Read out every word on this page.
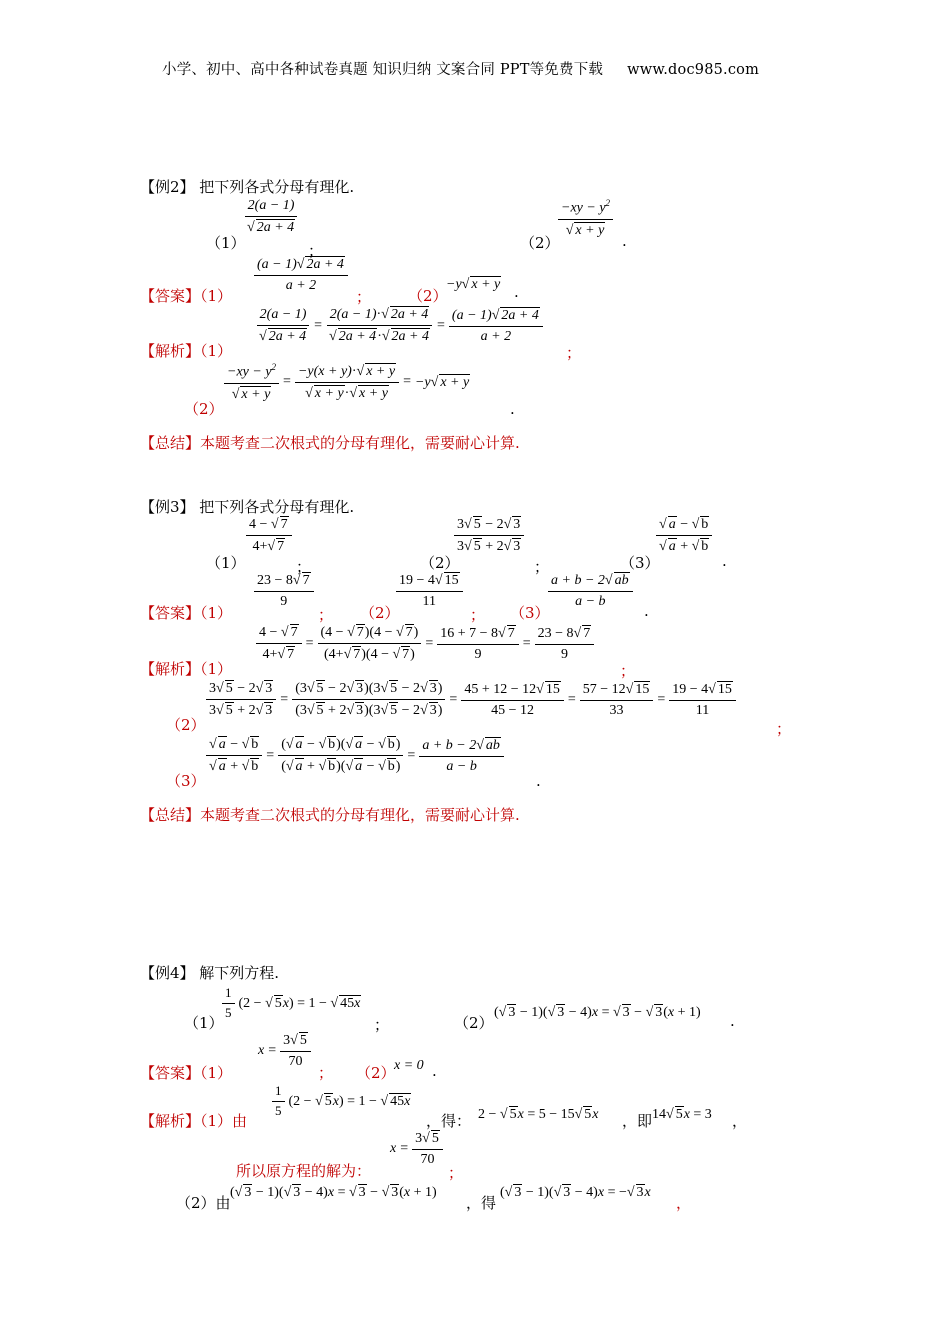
小学、初中、高中各种试卷真题 知识归纳 文案合同 PPT等免费下载 www.doc985.com
【例2】 把下列各式分母有理化.
（1）
$\frac{2(a - 1)}{√ 2a + 4}$
；	（2）
$\frac{-xy - y^2}{√ x + y}$
.
【答案】（1）
$\frac{(a - 1)√ 2a + 4}{a + 2}$
； （2）
−y√ x + y .
【解析】（1）
$\frac{2(a - 1)}{√ 2a + 4} = \frac{2(a - 1)\cdot√ 2a + 4}{√ 2a + 4\cdot√ 2a + 4} = \frac{(a - 1)√ 2a + 4}{a + 2}$
；
（2）
$\frac{-xy - y^2}{√ x + y} = \frac{-y(x + y)\cdot√ x + y}{√ x + y\cdot√ x + y} = -y√$ x + y
.
【总结】本题考查二次根式的分母有理化，需要耐心计算.
【例3】 把下列各式分母有理化.
（1）
$\frac{4 - √ 7}{4+√ 7}$
；	（2）
$\frac{3√ 5 - 2√ 3}{3√ 5 + 2√ 3}$
；	（3）
$\frac{√ a - √ b}{√ a + √ b}$
.
【答案】（1）
$\frac{23 - 8√ 7}{9}$
； （2）
$\frac{19 - 4√ 15}{11}$
； （3）
$\frac{a + b - 2√ ab}{a - b}$
.
【解析】（1）
$\frac{4 - √ 7}{4+√ 7} = \frac{(4 - √ 7)(4 - √ 7)}{(4+√ 7)(4 - √ 7)} = \frac{16 + 7 - 8√ 7}{9} = \frac{23 - 8√ 7}{9}$
；
（2）
$\frac{3√ 5 - 2√ 3}{3√ 5 + 2√ 3} = \frac{(3√ 5 - 2√ 3)(3√ 5 - 2√ 3)}{(3√ 5 + 2√ 3)(3√ 5 - 2√ 3)} = \frac{45 + 12 - 12√ 15}{45 - 12} = \frac{57 - 12√ 15}{33} = \frac{19 - 4√ 15}{11}$
；
（3）
$\frac{√ a - √ b}{√ a + √ b} = \frac{(√ a - √ b)(√ a - √ b)}{(√ a + √ b)(√ a - √ b)} = \frac{a + b - 2√ ab}{a - b}$
.
【总结】本题考查二次根式的分母有理化，需要耐心计算.
【例4】 解下列方程.
（1）
$\frac{1}{5} (2$ − √ 5x) = 1 − √ 45x
；	（2）
(√ 3 − 1)(√ 3 − 4)x = √ 3 − √ 3(x + 1) .
【答案】（1）
$x = \frac{3√ 5}{70}$
； （2）
x = 0 .
【解析】（1）由
$\frac{1}{5} (2$ − √ 5x) = 1 − √ 45x
，得： 2 − √ 5x = 5 − 15√ 5x ，即 14√ 5x = 3 ，
所以原方程的解为：
$x = \frac{3√ 5}{70}$
；
（2）由
(√ 3 − 1)(√ 3 − 4)x = √ 3 − √ 3(x + 1)
，得
(√ 3 − 1)(√ 3 − 4)x = −√ 3x
，
